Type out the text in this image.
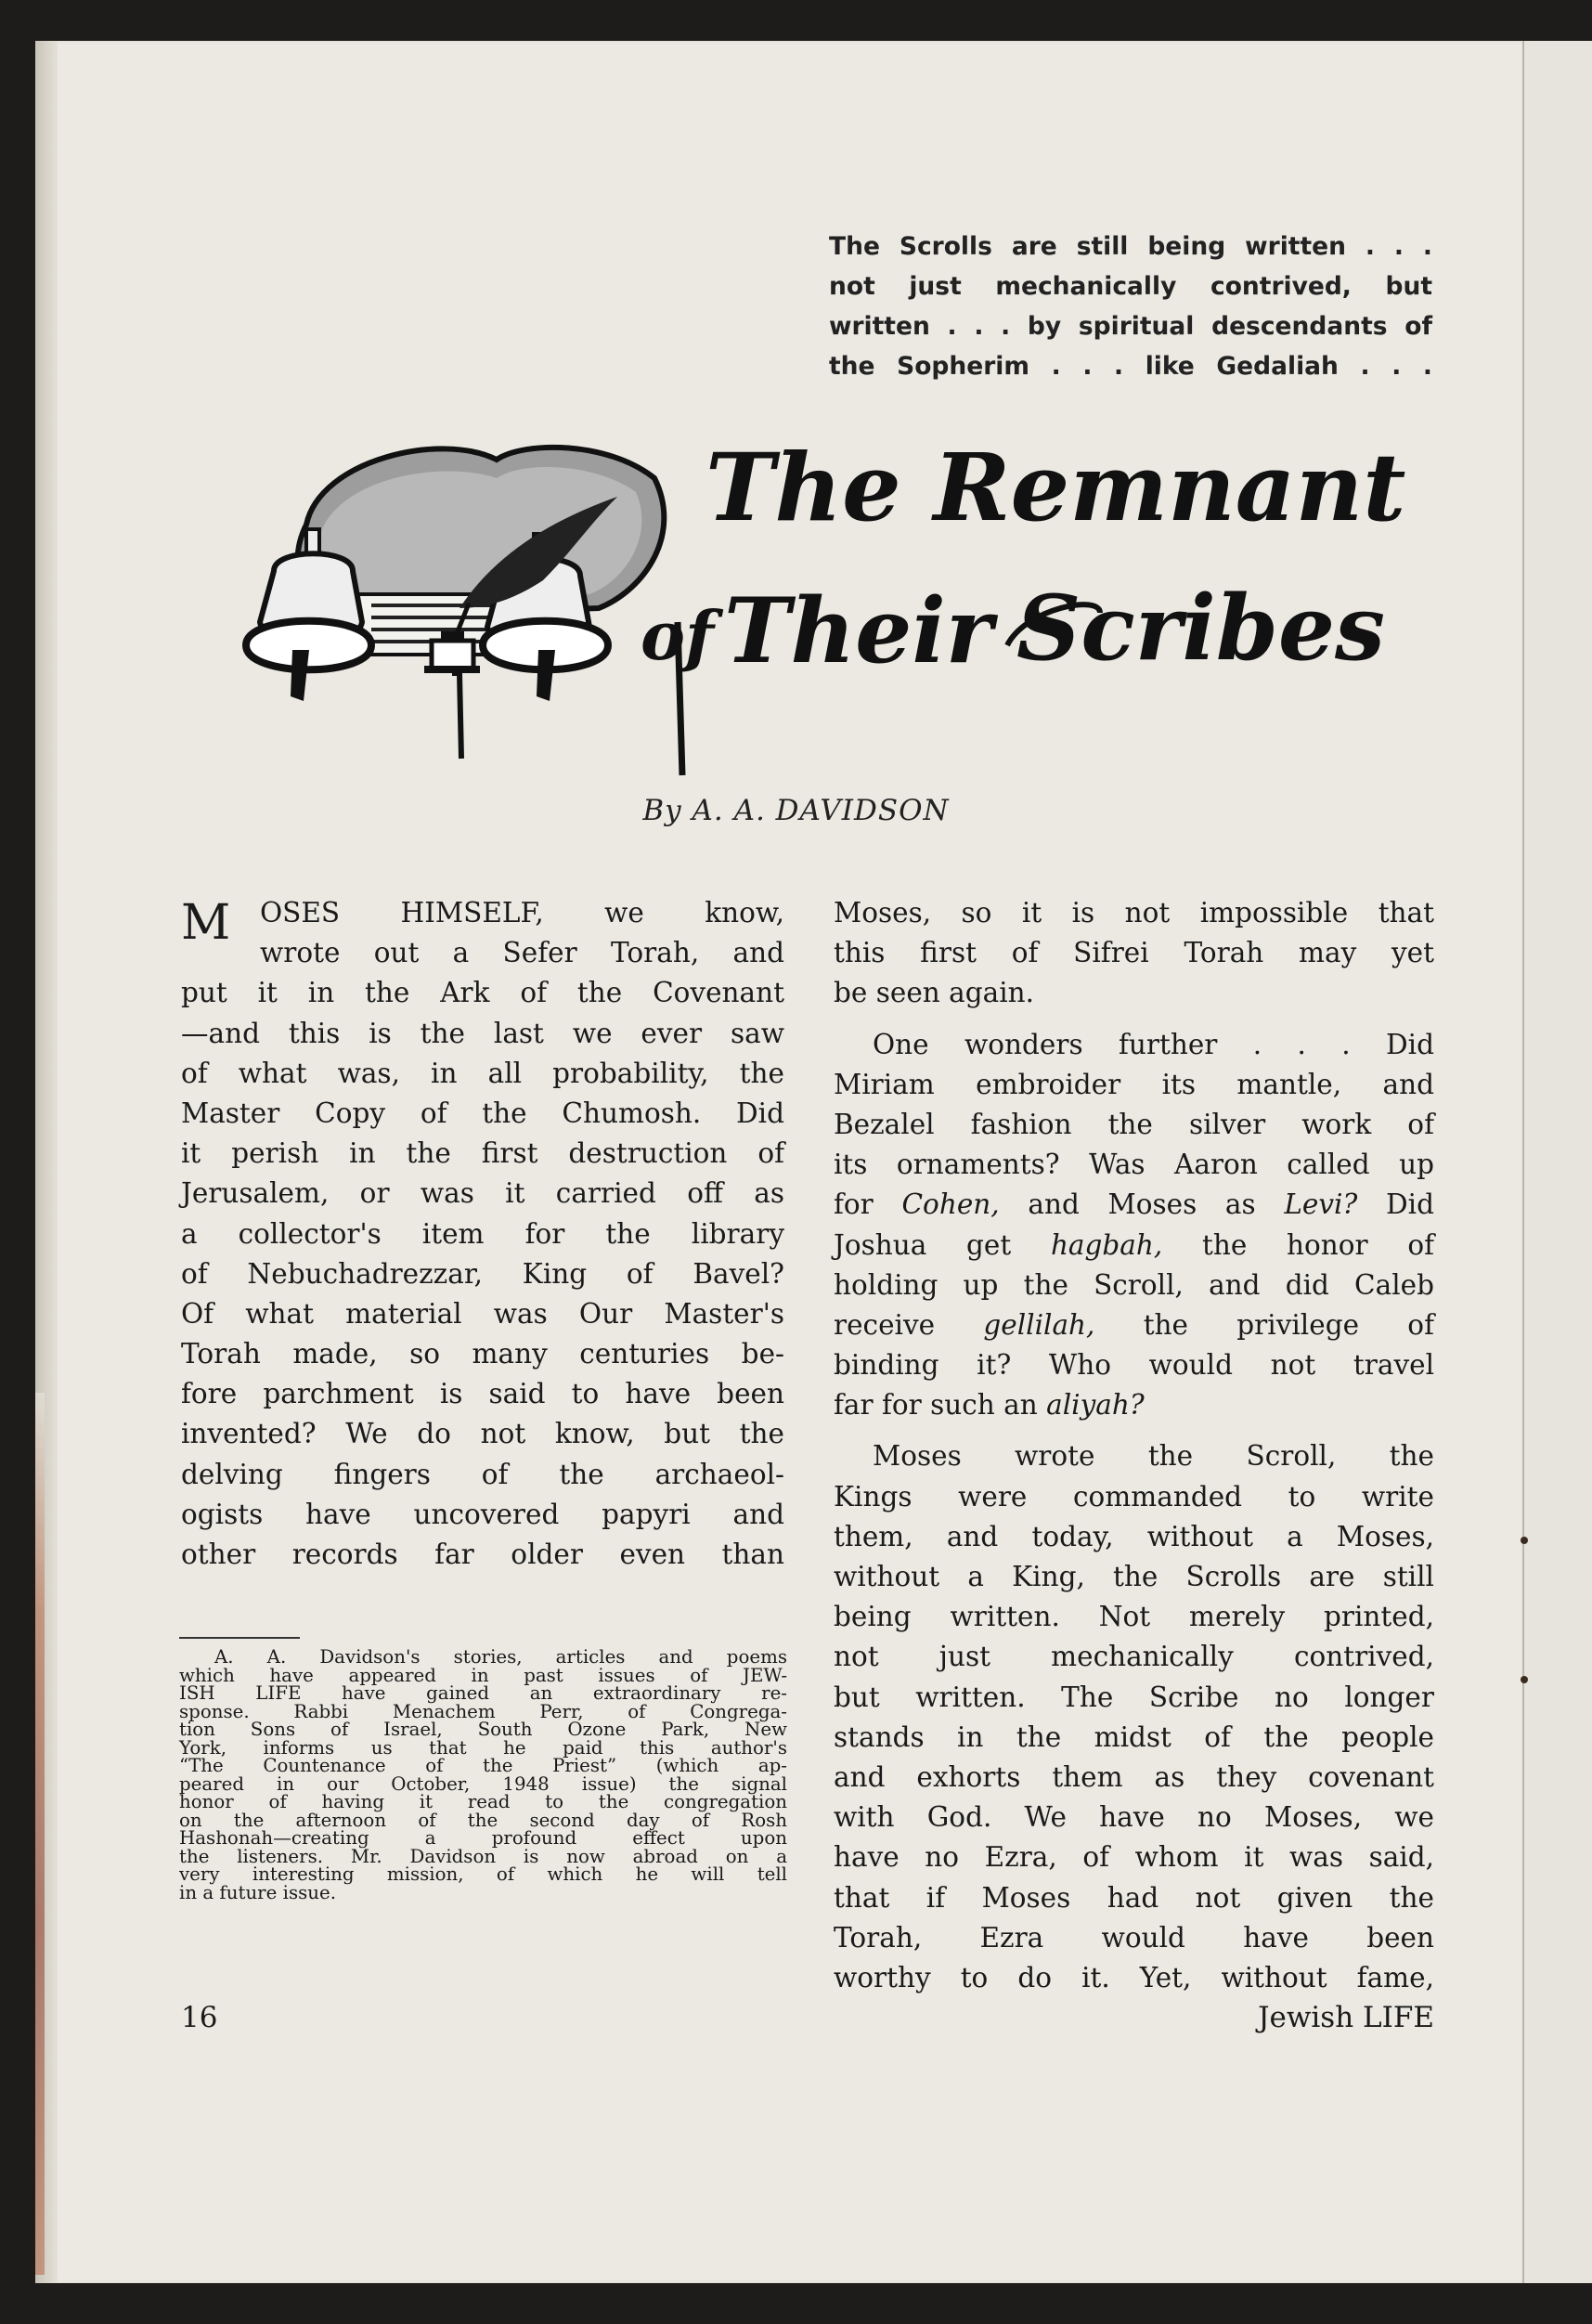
The Scrolls are still being written . . .
not just mechanically contrived, but
written . . . by spiritual descendants of
the Sopherim . . . like Gedaliah . . .
The Remnant
of Their Scribes
By A. A. DAVIDSON
M OSES HIMSELF, we know,
wrote out a Sefer Torah, and
put it in the Ark of the Covenant
—and this is the last we ever saw
of what was, in all probability, the
Master Copy of the Chumosh. Did
it perish in the first destruction of
Jerusalem, or was it carried off as
a collector's item for the library
of Nebuchadrezzar, King of Bavel?
Of what material was Our Master's
Torah made, so many centuries be-
fore parchment is said to have been
invented? We do not know, but the
delving fingers of the archaeol-
ogists have uncovered papyri and
other records far older even than
A. A. Davidson's stories, articles and poems
which have appeared in past issues of JEW-
ISH LIFE have gained an extraordinary re-
sponse. Rabbi Menachem Perr, of Congrega-
tion Sons of Israel, South Ozone Park, New
York, informs us that he paid this author's
“The Countenance of the Priest” (which ap-
peared in our October, 1948 issue) the signal
honor of having it read to the congregation
on the afternoon of the second day of Rosh
Hashonah—creating a profound effect upon
the listeners. Mr. Davidson is now abroad on a
very interesting mission, of which he will tell
in a future issue.
Moses, so it is not impossible that
this first of Sifrei Torah may yet
be seen again.
One wonders further . . . Did
Miriam embroider its mantle, and
Bezalel fashion the silver work of
its ornaments? Was Aaron called up
for Cohen, and Moses as Levi? Did
Joshua get hagbah, the honor of
holding up the Scroll, and did Caleb
receive gellilah, the privilege of
binding it? Who would not travel
far for such an aliyah?
Moses wrote the Scroll, the
Kings were commanded to write
them, and today, without a Moses,
without a King, the Scrolls are still
being written. Not merely printed,
not just mechanically contrived,
but written. The Scribe no longer
stands in the midst of the people
and exhorts them as they covenant
with God. We have no Moses, we
have no Ezra, of whom it was said,
that if Moses had not given the
Torah, Ezra would have been
worthy to do it. Yet, without fame,
16	Jewish LIFE
